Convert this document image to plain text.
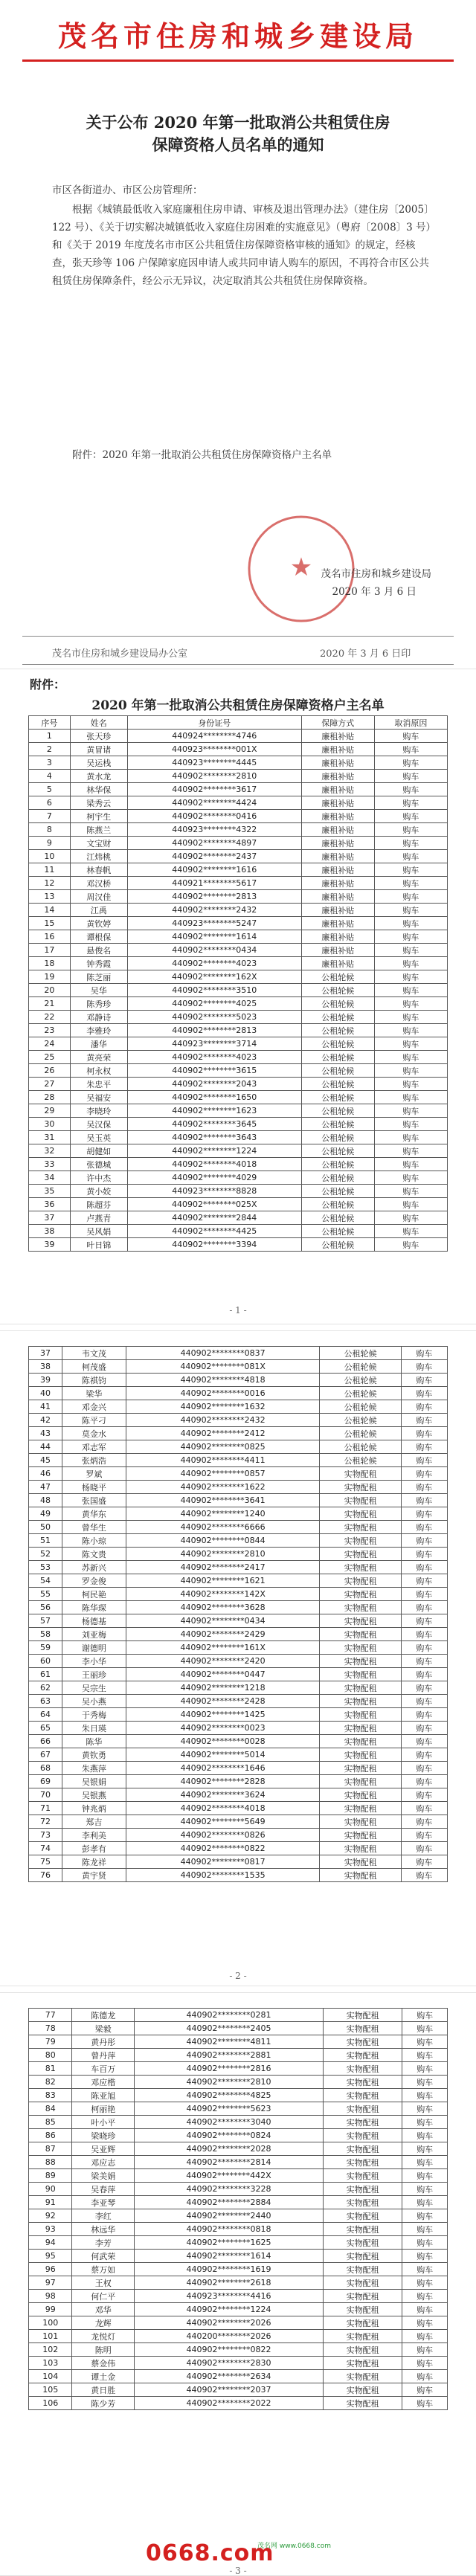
茂名市住房和城乡建设局
关于公布 2020 年第一批取消公共租赁住房
保障资格人员名单的通知
市区各街道办、市区公房管理所：
根据《城镇最低收入家庭廉租住房申请、审核及退出管理办法》（建住房〔2005〕122 号）、《关于切实解决城镇低收入家庭住房困难的实施意见》（粤府〔2008〕3 号）和《关于 2019 年度茂名市市区公共租赁住房保障资格审核的通知》的规定，经核查，张天珍等 106 户保障家庭因申请人或共同申请人购车的原因，不再符合市区公共租赁住房保障条件，经公示无异议，决定取消其公共租赁住房保障资格。
附件：2020 年第一批取消公共租赁住房保障资格户主名单
★ 茂名市住房和城乡建设局
2020 年 3 月 6 日
茂名市住房和城乡建设局办公室	2020 年 3 月 6 日印
附件：
2020 年第一批取消公共租赁住房保障资格户主名单
序号	姓名	身份证号	保障方式	取消原因
1	张天珍	440924********4746	廉租补贴	购车
2	黄冒诸	440923********001X	廉租补贴	购车
3	吴运栈	440923********4445	廉租补贴	购车
4	黄水龙	440902********2810	廉租补贴	购车
5	林华保	440902********3617	廉租补贴	购车
6	梁秀云	440902********4424	廉租补贴	购车
7	柯宇生	440902********0416	廉租补贴	购车
8	陈燕兰	440923********4322	廉租补贴	购车
9	文宝财	440902********4897	廉租补贴	购车
10	江炜桃	440902********2437	廉租补贴	购车
11	林春帆	440902********1616	廉租补贴	购车
12	邓汉桥	440921********5617	廉租补贴	购车
13	周汉佳	440902********2813	廉租补贴	购车
14	江禹	440902********2432	廉租补贴	购车
15	黄钦婷	440923********5247	廉租补贴	购车
16	谭根保	440902********1614	廉租补贴	购车
17	悬俊名	440902********0434	廉租补贴	购车
18	钟秀霞	440902********4023	廉租补贴	购车
19	陈芝丽	440902********162X	公租轮候	购车
20	吴华	440902********3510	公租轮候	购车
21	陈秀珍	440902********4025	公租轮候	购车
22	邓静诗	440902********5023	公租轮候	购车
23	李雅玲	440902********2813	公租轮候	购车
24	潘华	440923********3714	公租轮候	购车
25	黄亮荣	440902********4023	公租轮候	购车
26	柯永权	440902********3615	公租轮候	购车
27	朱忠平	440902********2043	公租轮候	购车
28	吴福安	440902********1650	公租轮候	购车
29	李晓玲	440902********1623	公租轮候	购车
30	吴汉保	440902********3645	公租轮候	购车
31	吴玉英	440902********3643	公租轮候	购车
32	胡健如	440902********1224	公租轮候	购车
33	张德城	440902********4018	公租轮候	购车
34	许中杰	440902********4029	公租轮候	购车
35	黄小姣	440923********8828	公租轮候	购车
36	陈超芬	440902********025X	公租轮候	购车
37	卢燕青	440902********2844	公租轮候	购车
38	吴风娟	440902********4425	公租轮候	购车
39	叶日锦	440902********3394	公租轮候	购车
- 1 -
37	韦文茂	440902********0837	公租轮候	购车
38	柯茂盛	440902********081X	公租轮候	购车
39	陈祺钧	440902********4818	公租轮候	购车
40	梁华	440902********0016	公租轮候	购车
41	邓金兴	440902********1632	公租轮候	购车
42	陈平刁	440902********2432	公租轮候	购车
43	莫金水	440902********2412	公租轮候	购车
44	邓志军	440902********0825	公租轮候	购车
45	张炳浩	440902********4411	公租轮候	购车
46	罗斌	440902********0857	实物配租	购车
47	杨晓平	440902********1622	实物配租	购车
48	张国盛	440902********3641	实物配租	购车
49	黄华东	440902********1240	实物配租	购车
50	曾华生	440902********6666	实物配租	购车
51	陈小琼	440902********0844	实物配租	购车
52	陈文贵	440902********2810	实物配租	购车
53	苏新兴	440902********2417	实物配租	购车
54	罗金俊	440902********1621	实物配租	购车
55	柯民艳	440902********142X	实物配租	购车
56	陈华琛	440902********3628	实物配租	购车
57	杨德基	440902********0434	实物配租	购车
58	刘亚梅	440902********2429	实物配租	购车
59	谢德明	440902********161X	实物配租	购车
60	李小华	440902********2420	实物配租	购车
61	王丽珍	440902********0447	实物配租	购车
62	吴宗生	440902********1218	实物配租	购车
63	吴小燕	440902********2428	实物配租	购车
64	于秀梅	440902********1425	实物配租	购车
65	朱日瑛	440902********0023	实物配租	购车
66	陈华	440902********0028	实物配租	购车
67	黄钦勇	440902********5014	实物配租	购车
68	朱燕萍	440902********1646	实物配租	购车
69	吴银娟	440902********2828	实物配租	购车
70	吴银燕	440902********3624	实物配租	购车
71	钟兆炳	440902********4018	实物配租	购车
72	郑吉	440902********5649	实物配租	购车
73	李利美	440902********0826	实物配租	购车
74	彭孝有	440902********0822	实物配租	购车
75	陈龙祥	440902********0817	实物配租	购车
76	黄宇贤	440902********1535	实物配租	购车
- 2 -
77	陈德龙	440902********0281	实物配租	购车
78	梁毅	440902********2405	实物配租	购车
79	黄丹彤	440902********4811	实物配租	购车
80	曾丹萍	440902********2881	实物配租	购车
81	车百万	440902********2816	实物配租	购车
82	邓应楷	440902********2810	实物配租	购车
83	陈亚旭	440902********4825	实物配租	购车
84	柯丽艳	440902********5623	实物配租	购车
85	叶小平	440902********3040	实物配租	购车
86	梁晓珍	440902********0824	实物配租	购车
87	吴亚辉	440902********2028	实物配租	购车
88	邓应志	440902********2814	实物配租	购车
89	梁美娟	440902********442X	实物配租	购车
90	吴春萍	440902********3228	实物配租	购车
91	李亚琴	440902********2884	实物配租	购车
92	李红	440902********2440	实物配租	购车
93	林远华	440902********0818	实物配租	购车
94	李芳	440902********1625	实物配租	购车
95	何武荣	440902********1614	实物配租	购车
96	蔡万如	440902********1619	实物配租	购车
97	王权	440902********2618	实物配租	购车
98	何仁平	440923********4416	实物配租	购车
99	邓华	440902********1224	实物配租	购车
100	龙辉	440902********2026	实物配租	购车
101	龙悦灯	440200********2026	实物配租	购车
102	陈明	440902********0822	实物配租	购车
103	蔡金伟	440902********2830	实物配租	购车
104	谭土金	440902********2634	实物配租	购车
105	黄日胜	440902********2037	实物配租	购车
106	陈少芳	440902********2022	实物配租	购车
- 3 -
0668.com
茂名网 www.0668.com
